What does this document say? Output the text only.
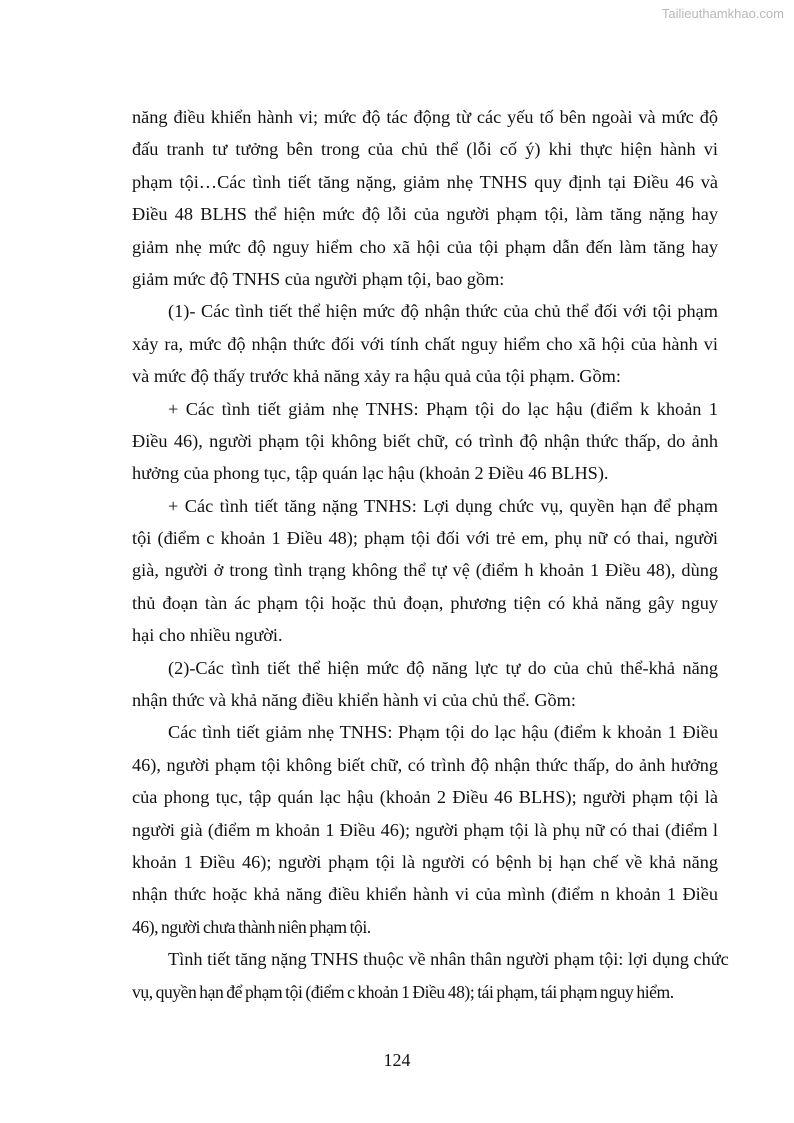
Tailieuthamkhao.com
năng điều khiển hành vi; mức độ tác động từ các yếu tố bên ngoài và mức độ
đấu tranh tư tưởng bên trong của chủ thể (lỗi cố ý) khi thực hiện hành vi
phạm tội…Các tình tiết tăng nặng, giảm nhẹ TNHS quy định tại Điều 46 và
Điều 48 BLHS thể hiện mức độ lỗi của người phạm tội, làm tăng nặng hay
giảm nhẹ mức độ nguy hiểm cho xã hội của tội phạm dẫn đến làm tăng hay
giảm mức độ TNHS của người phạm tội, bao gồm:
(1)- Các tình tiết thể hiện mức độ nhận thức của chủ thể đối với tội phạm
xảy ra, mức độ nhận thức đối với tính chất nguy hiểm cho xã hội của hành vi
và mức độ thấy trước khả năng xảy ra hậu quả của tội phạm. Gồm:
+ Các tình tiết giảm nhẹ TNHS: Phạm tội do lạc hậu (điểm k khoản 1
Điều 46), người phạm tội không biết chữ, có trình độ nhận thức thấp, do ảnh
hưởng của phong tục, tập quán lạc hậu (khoản 2 Điều 46 BLHS).
+ Các tình tiết tăng nặng TNHS: Lợi dụng chức vụ, quyền hạn để phạm
tội (điểm c khoản 1 Điều 48); phạm tội đối với trẻ em, phụ nữ có thai, người
già, người ở trong tình trạng không thể tự vệ (điểm h khoản 1 Điều 48), dùng
thủ đoạn tàn ác phạm tội hoặc thủ đoạn, phương tiện có khả năng gây nguy
hại cho nhiều người.
(2)-Các tình tiết thể hiện mức độ năng lực tự do của chủ thể-khả năng
nhận thức và khả năng điều khiển hành vi của chủ thể. Gồm:
Các tình tiết giảm nhẹ TNHS: Phạm tội do lạc hậu (điểm k khoản 1 Điều
46), người phạm tội không biết chữ, có trình độ nhận thức thấp, do ảnh hưởng
của phong tục, tập quán lạc hậu (khoản 2 Điều 46 BLHS); người phạm tội là
người già (điểm m khoản 1 Điều 46); người phạm tội là phụ nữ có thai (điểm l
khoản 1 Điều 46); người phạm tội là người có bệnh bị hạn chế về khả năng
nhận thức hoặc khả năng điều khiển hành vi của mình (điểm n khoản 1 Điều
46), người chưa thành niên phạm tội.
Tình tiết tăng nặng TNHS thuộc về nhân thân người phạm tội: lợi dụng chức
vụ, quyền hạn để phạm tội (điểm c khoản 1 Điều 48); tái phạm, tái phạm nguy hiểm.
124
